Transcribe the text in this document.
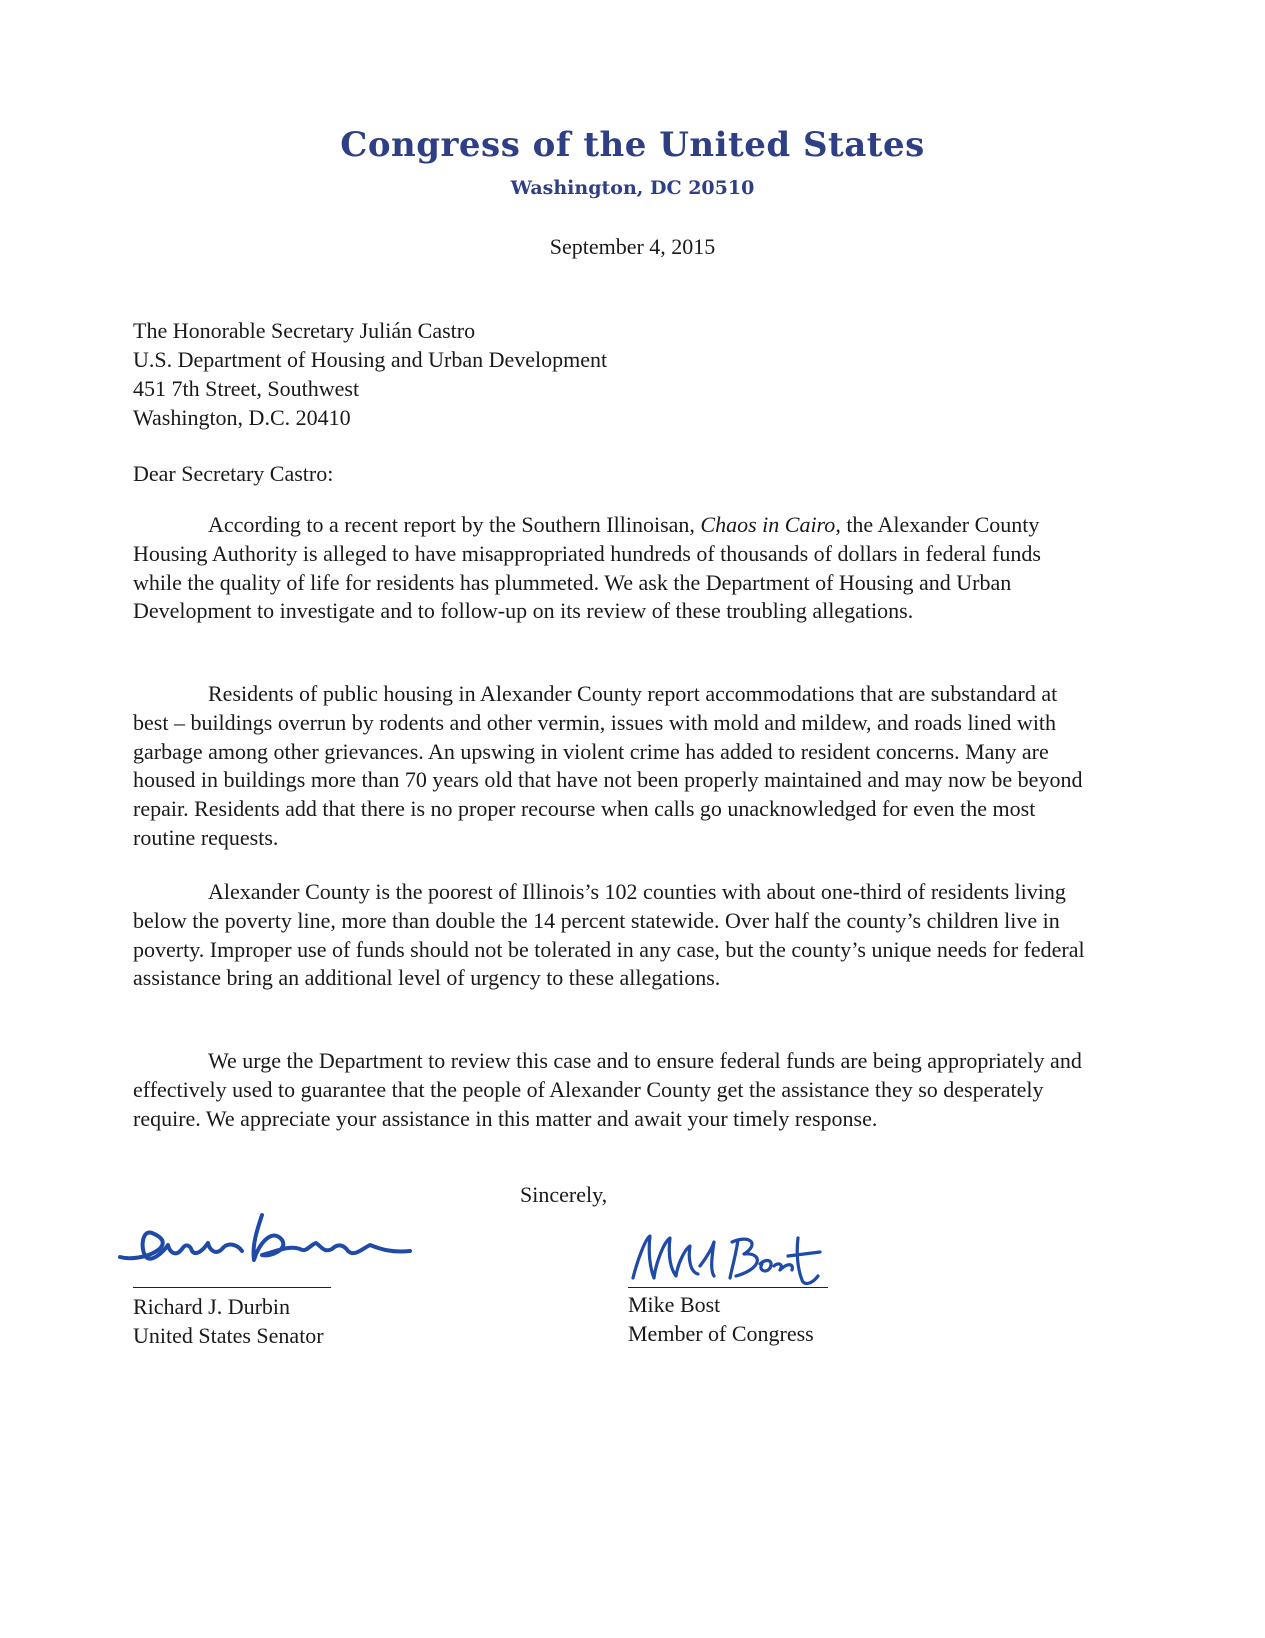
Congress of the United States
Washington, DC 20510
September 4, 2015
The Honorable Secretary Julián Castro
U.S. Department of Housing and Urban Development
451 7th Street, Southwest
Washington, D.C. 20410
Dear Secretary Castro:

According to a recent report by the Southern Illinoisan, Chaos in Cairo, the Alexander County Housing Authority is alleged to have misappropriated hundreds of thousands of dollars in federal funds while the quality of life for residents has plummeted. We ask the Department of Housing and Urban Development to investigate and to follow-up on its review of these troubling allegations.

Residents of public housing in Alexander County report accommodations that are substandard at best – buildings overrun by rodents and other vermin, issues with mold and mildew, and roads lined with garbage among other grievances. An upswing in violent crime has added to resident concerns. Many are housed in buildings more than 70 years old that have not been properly maintained and may now be beyond repair. Residents add that there is no proper recourse when calls go unacknowledged for even the most routine requests.

Alexander County is the poorest of Illinois’s 102 counties with about one-third of residents living below the poverty line, more than double the 14 percent statewide. Over half the county’s children live in poverty. Improper use of funds should not be tolerated in any case, but the county’s unique needs for federal assistance bring an additional level of urgency to these allegations.

We urge the Department to review this case and to ensure federal funds are being appropriately and effectively used to guarantee that the people of Alexander County get the assistance they so desperately require. We appreciate your assistance in this matter and await your timely response.

Sincerely,
Richard J. Durbin
United States Senator
Mike Bost
Member of Congress
